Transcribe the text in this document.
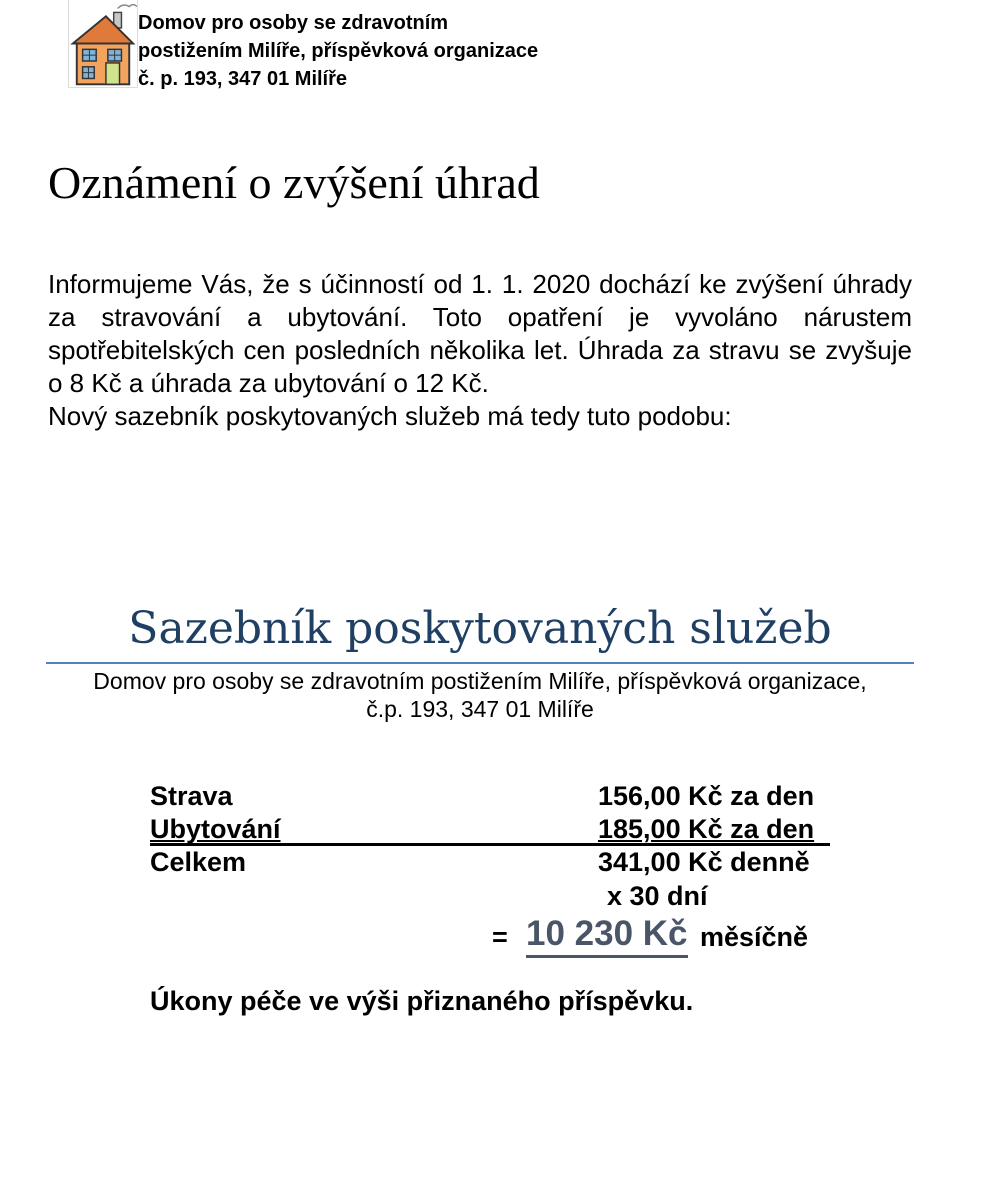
Domov pro osoby se zdravotním
postižením Milíře, příspěvková organizace
č. p. 193, 347 01 Milíře
Oznámení o zvýšení úhrad

Informujeme Vás, že s účinností od 1. 1. 2020 dochází ke zvýšení úhrady za stravování a ubytování. Toto opatření je vyvoláno nárustem spotřebitelských cen posledních několika let. Úhrada za stravu se zvyšuje o 8 Kč a úhrada za ubytování o 12 Kč.

Nový sazebník poskytovaných služeb má tedy tuto podobu:

Sazebník poskytovaných služeb
Domov pro osoby se zdravotním postižením Milíře, příspěvková organizace,
č.p. 193, 347 01 Milíře
Strava	156,00 Kč za den
Ubytování	185,00 Kč za den
Celkem	341,00 Kč denně
x 30 dní
= 10 230 Kč měsíčně
Úkony péče ve výši přiznaného příspěvku.
